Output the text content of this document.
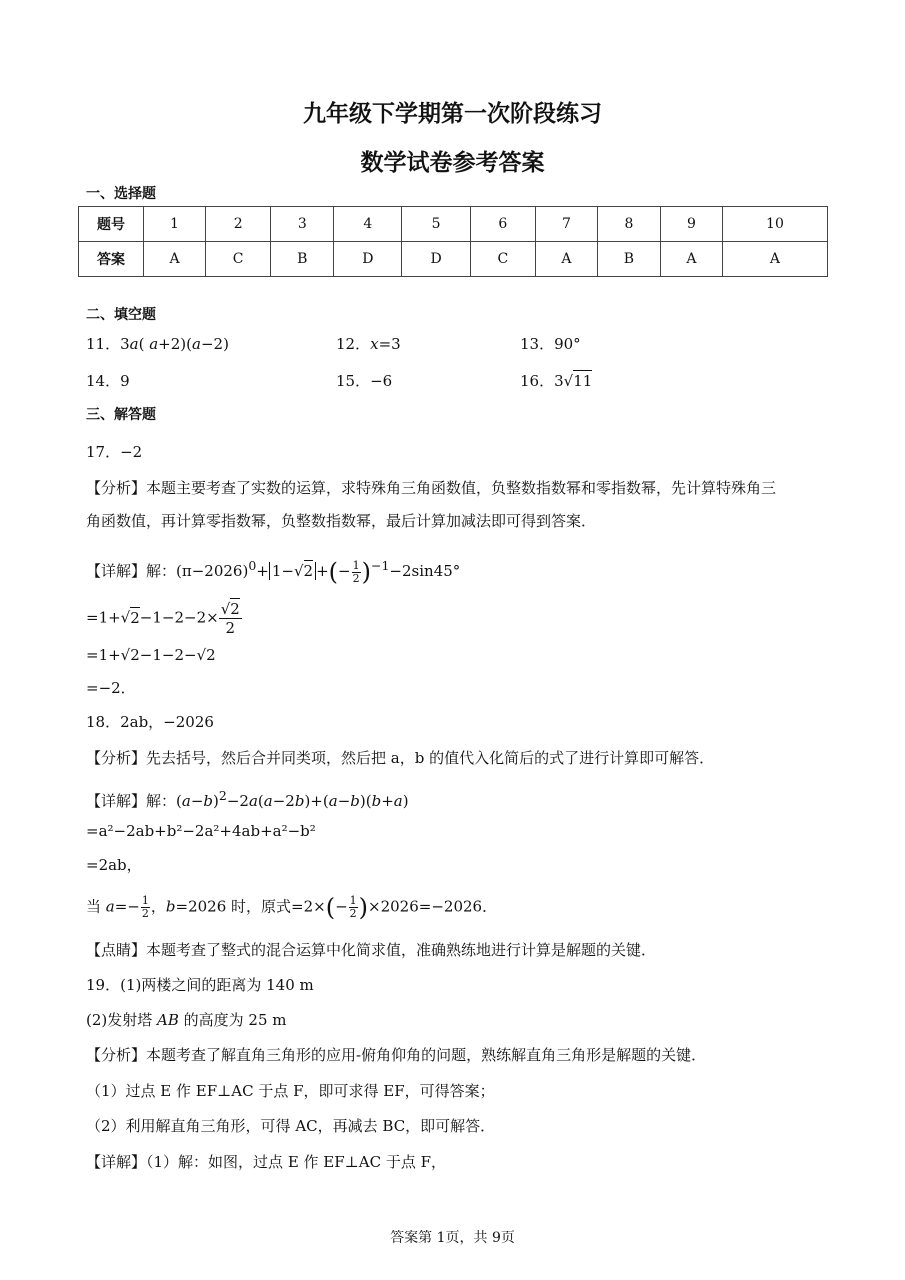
九年级下学期第一次阶段练习
数学试卷参考答案
一、选择题
题号	1	2	3	4	5	6	7	8	9	10
答案	A	C	B	D	D	C	A	B	A	A
二、填空题
11．3a( a+2)(a−2)	12．x=3	13．90°
14．9	15．−6	16．3√11
三、解答题
17．−2
【分析】本题主要考查了实数的运算，求特殊角三角函数值，负整数指数幂和零指数幂，先计算特殊角三
角函数值，再计算零指数幂，负整数指数幂，最后计算加减法即可得到答案．
【详解】解：$(\pi-2026)^0+ 1-√2$ +(− $\frac{1}{2} )^{-1}-2\sin 45^\circ$
$=1+√2-1-2-2\times \frac{√2}{2}$
=1+√2−1−2−√2
=−2．
18．2ab，−2026
【分析】先去括号，然后合并同类项，然后把 a，b 的值代入化简后的式了进行计算即可解答．
【详解】解：$(a-b)^2-2a(a-2b)+(a-b)(b+a)$
=a²−2ab+b²−2a²+4ab+a²−b²
=2ab，
当 $a=- \frac{1}{2}$ ，b=2026 时，原式$=2\times(- \frac{1}{2} )\times 2026=-2026$．
【点睛】本题考查了整式的混合运算中化简求值，准确熟练地进行计算是解题的关键．
19．(1)两楼之间的距离为 140 m
(2)发射塔 AB 的高度为 25 m
【分析】本题考查了解直角三角形的应用-俯角仰角的问题，熟练解直角三角形是解题的关键．
（1）过点 E 作 EF⊥AC 于点 F，即可求得 EF，可得答案；
（2）利用解直角三角形，可得 AC，再减去 BC，即可解答．
【详解】（1）解：如图，过点 E 作 EF⊥AC 于点 F，
答案第 1页，共 9页
